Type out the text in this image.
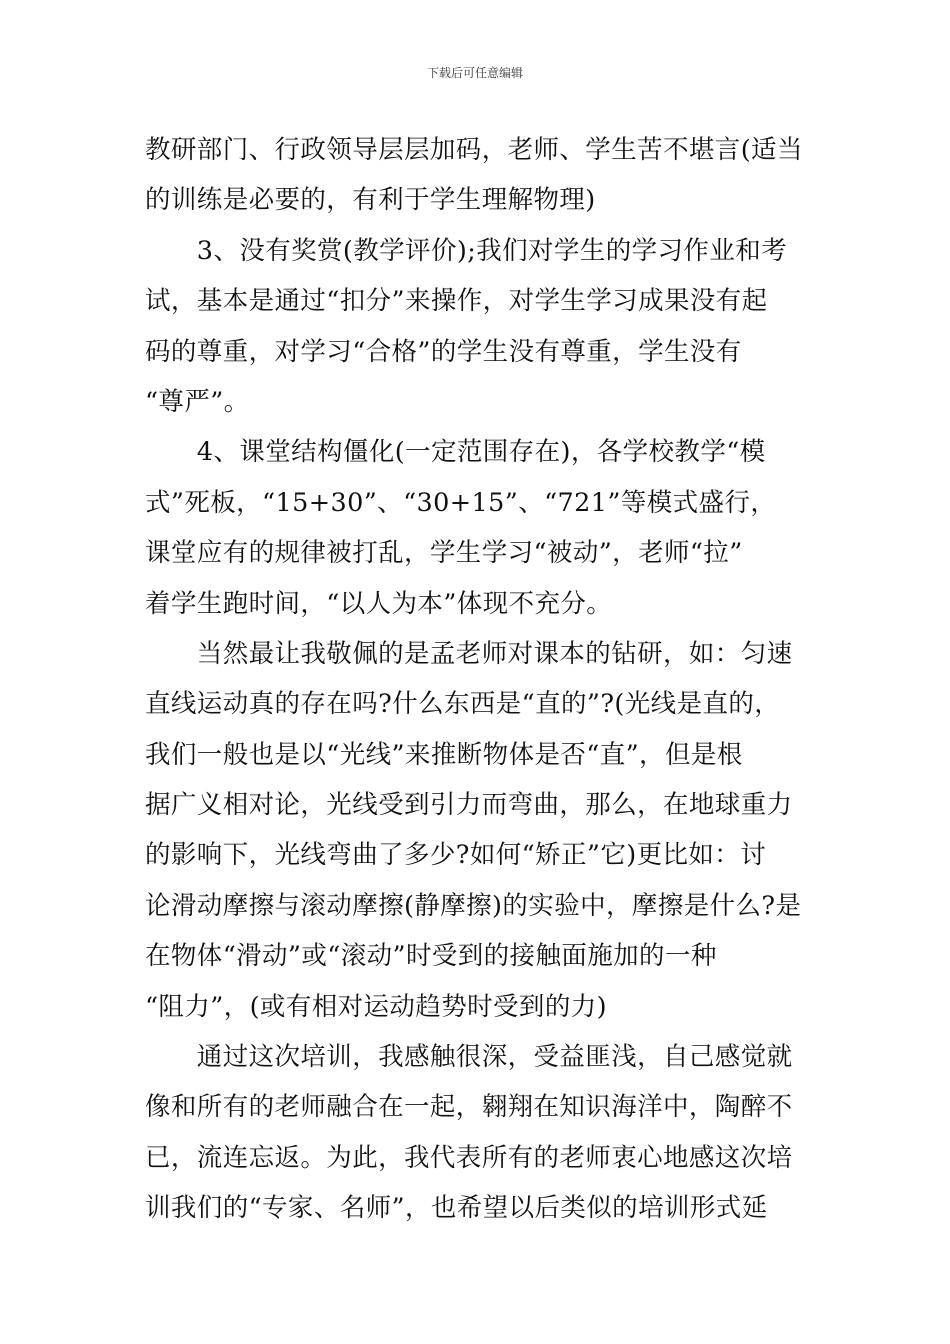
下载后可任意编辑
教研部门、行政领导层层加码，老师、学生苦不堪言(适当
的训练是必要的，有利于学生理解物理)
　　3、没有奖赏(教学评价);我们对学生的学习作业和考
试，基本是通过“扣分”来操作，对学生学习成果没有起
码的尊重，对学习“合格”的学生没有尊重，学生没有
“尊严”。
　　4、课堂结构僵化(一定范围存在)，各学校教学“模
式”死板，“15+30”、“30+15”、“721”等模式盛行，
课堂应有的规律被打乱，学生学习“被动”，老师“拉”
着学生跑时间，“以人为本”体现不充分。
　　当然最让我敬佩的是孟老师对课本的钻研，如：匀速
直线运动真的存在吗?什么东西是“直的”?(光线是直的，
我们一般也是以“光线”来推断物体是否“直”，但是根
据广义相对论，光线受到引力而弯曲，那么，在地球重力
的影响下，光线弯曲了多少?如何“矫正”它)更比如：讨
论滑动摩擦与滚动摩擦(静摩擦)的实验中，摩擦是什么?是
在物体“滑动”或“滚动”时受到的接触面施加的一种
“阻力”，(或有相对运动趋势时受到的力)
　　通过这次培训，我感触很深，受益匪浅，自己感觉就
像和所有的老师融合在一起，翱翔在知识海洋中，陶醉不
已，流连忘返。为此，我代表所有的老师衷心地感这次培
训我们的“专家、名师”，也希望以后类似的培训形式延
